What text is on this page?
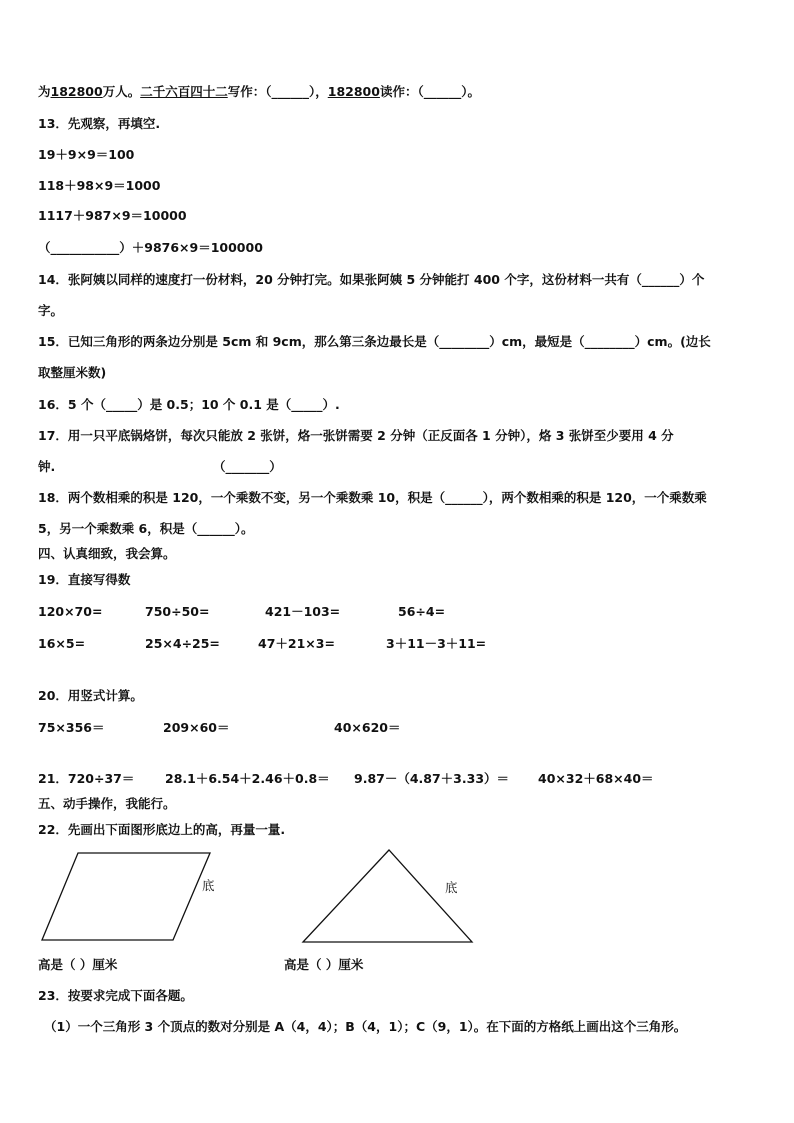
为182800万人。二千六百四十二写作：（______），182800读作：（______）。
13．先观察，再填空.
19＋9×9＝100
118＋98×9＝1000
1117＋987×9＝10000
（___________）＋9876×9＝100000
14．张阿姨以同样的速度打一份材料，20 分钟打完。如果张阿姨 5 分钟能打 400 个字，这份材料一共有（______）个
字。
15．已知三角形的两条边分别是 5cm 和 9cm，那么第三条边最长是（________）cm，最短是（________）cm。(边长
取整厘米数)
16．5 个（_____）是 0.5；10 个 0.1 是（_____）.
17．用一只平底锅烙饼，每次只能放 2 张饼，烙一张饼需要 2 分钟（正反面各 1 分钟），烙 3 张饼至少要用 4 分
钟.	（_______）
18．两个数相乘的积是 120，一个乘数不变，另一个乘数乘 10，积是（______），两个数相乘的积是 120，一个乘数乘
5，另一个乘数乘 6，积是（______）。
四、认真细致，我会算。
19．直接写得数
120×70=	750÷50=	421－103=	56÷4=
16×5=	25×4÷25=	47＋21×3=	3＋11－3＋11=
20．用竖式计算。
75×356＝	209×60＝	40×620＝
21．720÷37＝ 28.1＋6.54＋2.46＋0.8＝ 9.87－（4.87＋3.33）＝ 40×32＋68×40＝
五、动手操作，我能行。
22．先画出下面图形底边上的高，再量一量.
底	底
高是（ ）厘米	高是（ ）厘米
23．按要求完成下面各题。
（1）一个三角形 3 个顶点的数对分别是 A（4，4）；B（4，1）；C（9，1）。在下面的方格纸上画出这个三角形。
